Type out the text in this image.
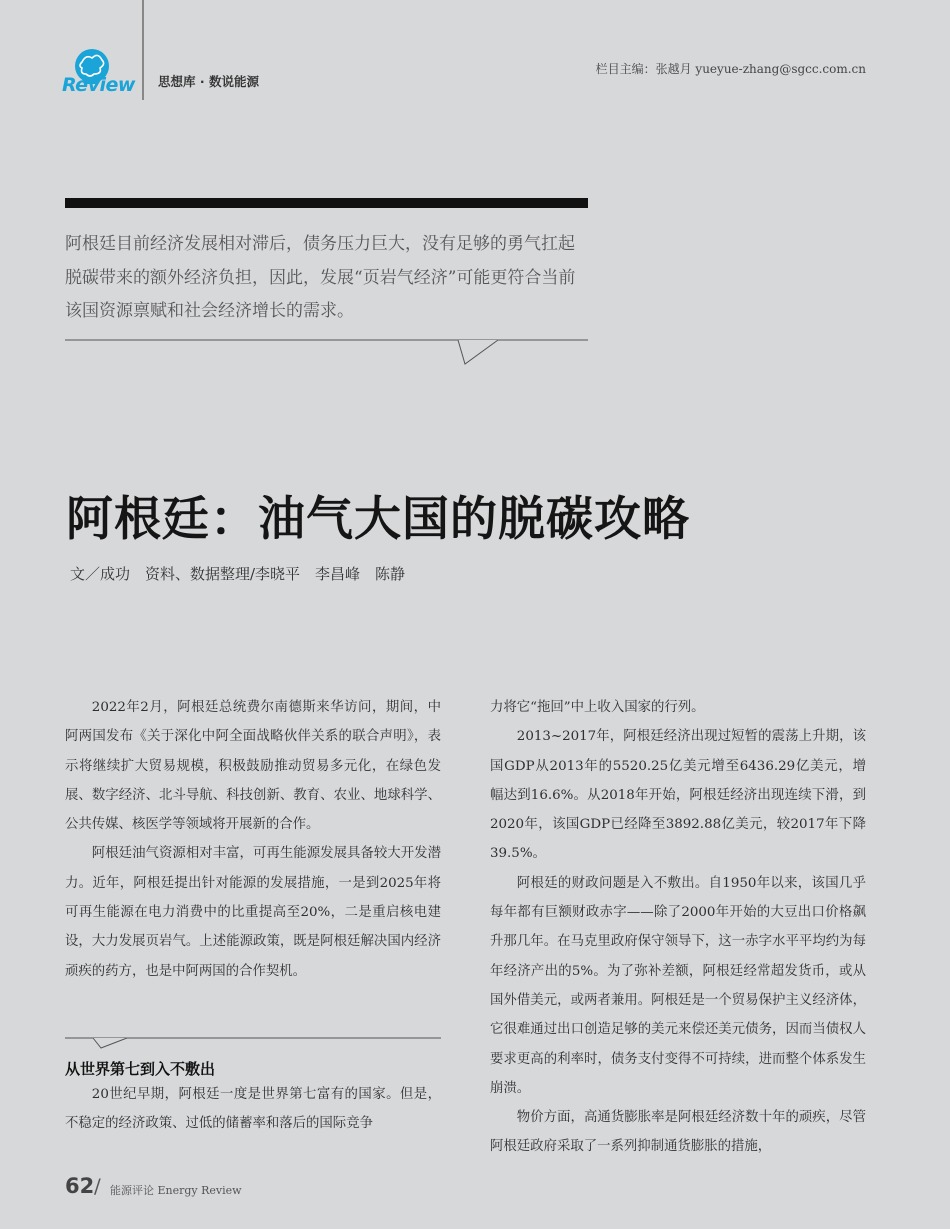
Review 思想库 · 数说能源
栏目主编：张越月 yueyue-zhang@sgcc.com.cn
阿根廷目前经济发展相对滞后，债务压力巨大，没有足够的勇气扛起脱碳带来的额外经济负担，因此，发展“页岩气经济”可能更符合当前该国资源禀赋和社会经济增长的需求。
阿根廷：油气大国的脱碳攻略
文／成功　资料、数据整理/李晓平　李昌峰　陈静

2022年2月，阿根廷总统费尔南德斯来华访问，期间，中阿两国发布《关于深化中阿全面战略伙伴关系的联合声明》，表示将继续扩大贸易规模，积极鼓励推动贸易多元化，在绿色发展、数字经济、北斗导航、科技创新、教育、农业、地球科学、公共传媒、核医学等领域将开展新的合作。

阿根廷油气资源相对丰富，可再生能源发展具备较大开发潜力。近年，阿根廷提出针对能源的发展措施，一是到2025年将可再生能源在电力消费中的比重提高至20%，二是重启核电建设，大力发展页岩气。上述能源政策，既是阿根廷解决国内经济顽疾的药方，也是中阿两国的合作契机。

从世界第七到入不敷出

20世纪早期，阿根廷一度是世界第七富有的国家。但是，不稳定的经济政策、过低的储蓄率和落后的国际竞争

力将它“拖回”中上收入国家的行列。

2013~2017年，阿根廷经济出现过短暂的震荡上升期，该国GDP从2013年的5520.25亿美元增至6436.29亿美元，增幅达到16.6%。从2018年开始，阿根廷经济出现连续下滑，到2020年，该国GDP已经降至3892.88亿美元，较2017年下降39.5%。

阿根廷的财政问题是入不敷出。自1950年以来，该国几乎每年都有巨额财政赤字——除了2000年开始的大豆出口价格飙升那几年。在马克里政府保守领导下，这一赤字水平平均约为每年经济产出的5%。为了弥补差额，阿根廷经常超发货币，或从国外借美元，或两者兼用。阿根廷是一个贸易保护主义经济体，它很难通过出口创造足够的美元来偿还美元债务，因而当债权人要求更高的利率时，债务支付变得不可持续，进而整个体系发生崩溃。

物价方面，高通货膨胀率是阿根廷经济数十年的顽疾，尽管阿根廷政府采取了一系列抑制通货膨胀的措施，

62 / 能源评论 Energy Review
